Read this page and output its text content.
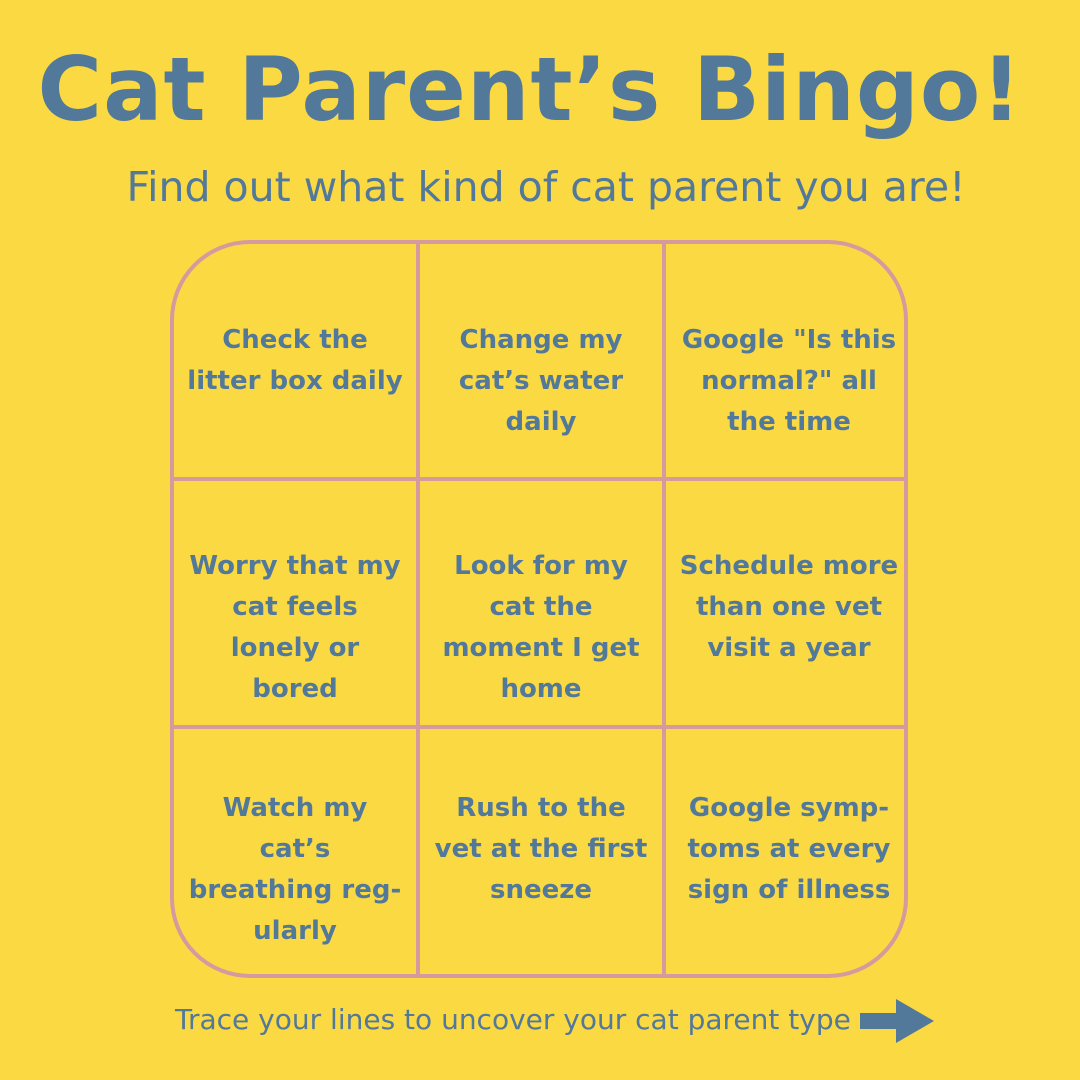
Cat Parent’s Bingo!
Find out what kind of cat parent you are!
Check the litter box daily
Change my cat’s water daily
Google "Is this normal?" all the time
Worry that my cat feels lonely or bored
Look for my cat the moment I get home
Schedule more than one vet visit a year
Watch my cat’s breathing reg-ularly
Rush to the vet at the first sneeze
Google symp-toms at every sign of illness
Trace your lines to uncover your cat parent type
